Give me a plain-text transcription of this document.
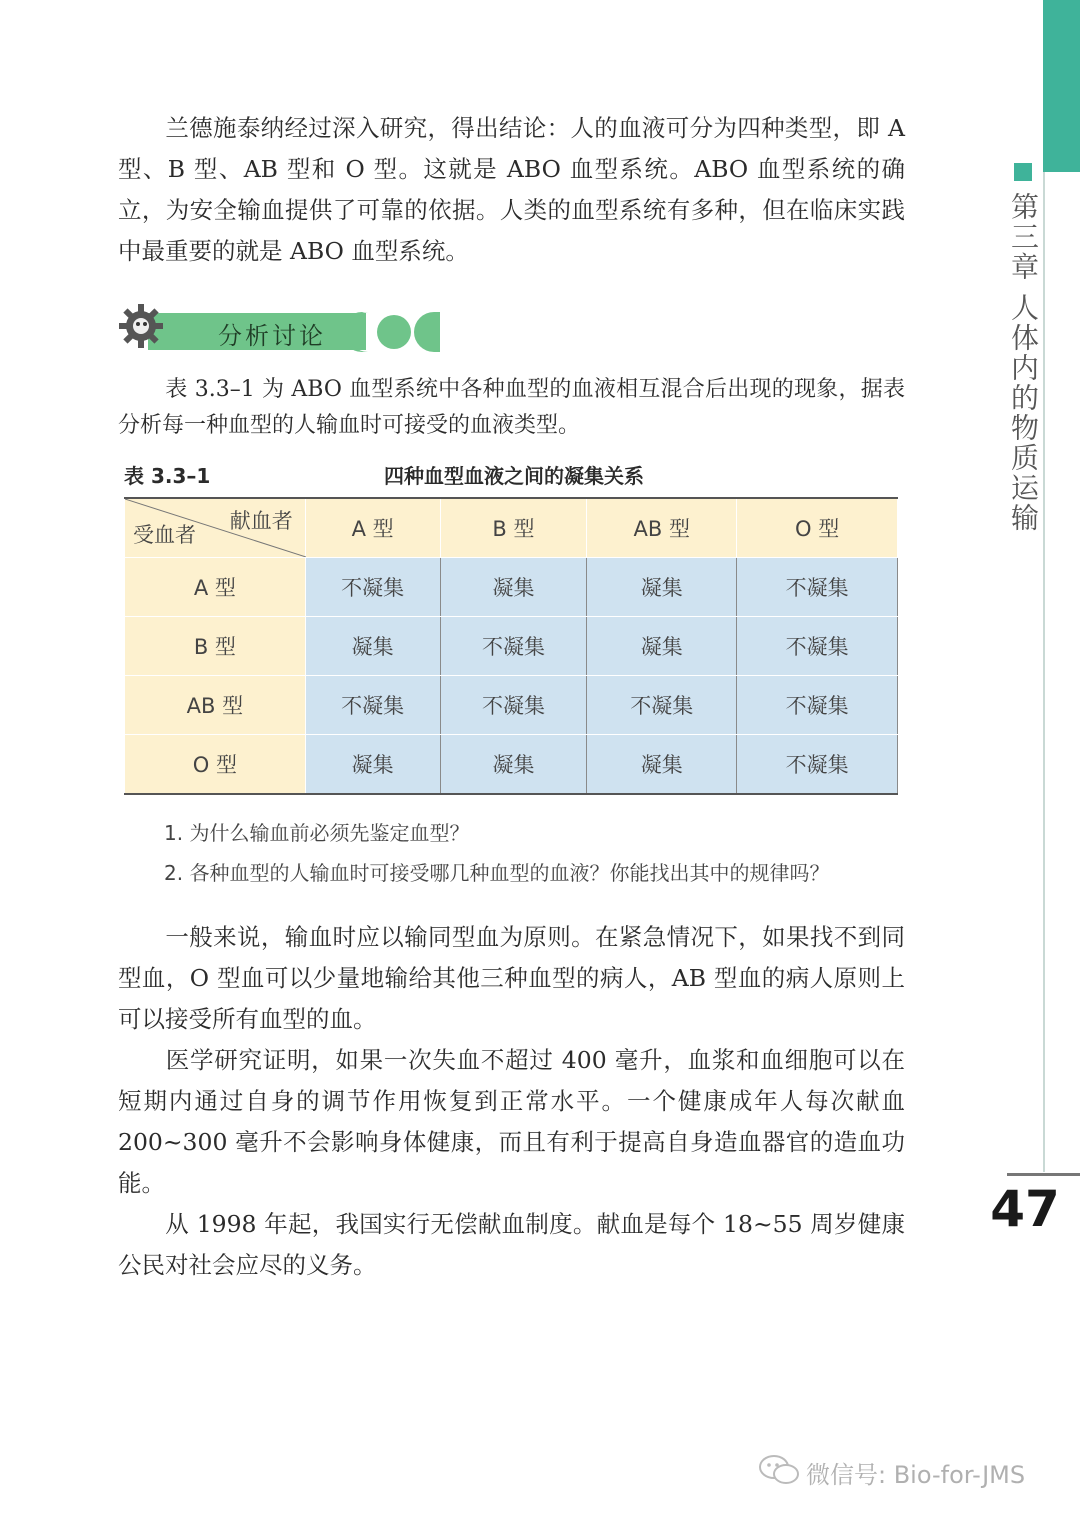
第三章 人体内的物质运输
47

兰德施泰纳经过深入研究，得出结论：人的血液可分为四种类型，即 A 型、B 型、AB 型和 O 型。这就是 ABO 血型系统。ABO 血型系统的确立，为安全输血提供了可靠的依据。人类的血型系统有多种，但在临床实践中最重要的就是 ABO 血型系统。

分析讨论

表 3.3–1 为 ABO 血型系统中各种血型的血液相互混合后出现的现象，据表分析每一种血型的人输血时可接受的血液类型。

表 3.3–1	四种血型血液之间的凝集关系
献血者
受血者	A 型	B 型	AB 型	O 型
A 型	不凝集	凝集	凝集	不凝集
B 型	凝集	不凝集	凝集	不凝集
AB 型	不凝集	不凝集	不凝集	不凝集
O 型	凝集	凝集	凝集	不凝集
1. 为什么输血前必须先鉴定血型？
2. 各种血型的人输血时可接受哪几种血型的血液？你能找出其中的规律吗？

一般来说，输血时应以输同型血为原则。在紧急情况下，如果找不到同型血，O 型血可以少量地输给其他三种血型的病人，AB 型血的病人原则上可以接受所有血型的血。

医学研究证明，如果一次失血不超过 400 毫升，血浆和血细胞可以在短期内通过自身的调节作用恢复到正常水平。一个健康成年人每次献血 200~300 毫升不会影响身体健康，而且有利于提高自身造血器官的造血功能。

从 1998 年起，我国实行无偿献血制度。献血是每个 18~55 周岁健康公民对社会应尽的义务。

微信号: Bio-for-JMS
